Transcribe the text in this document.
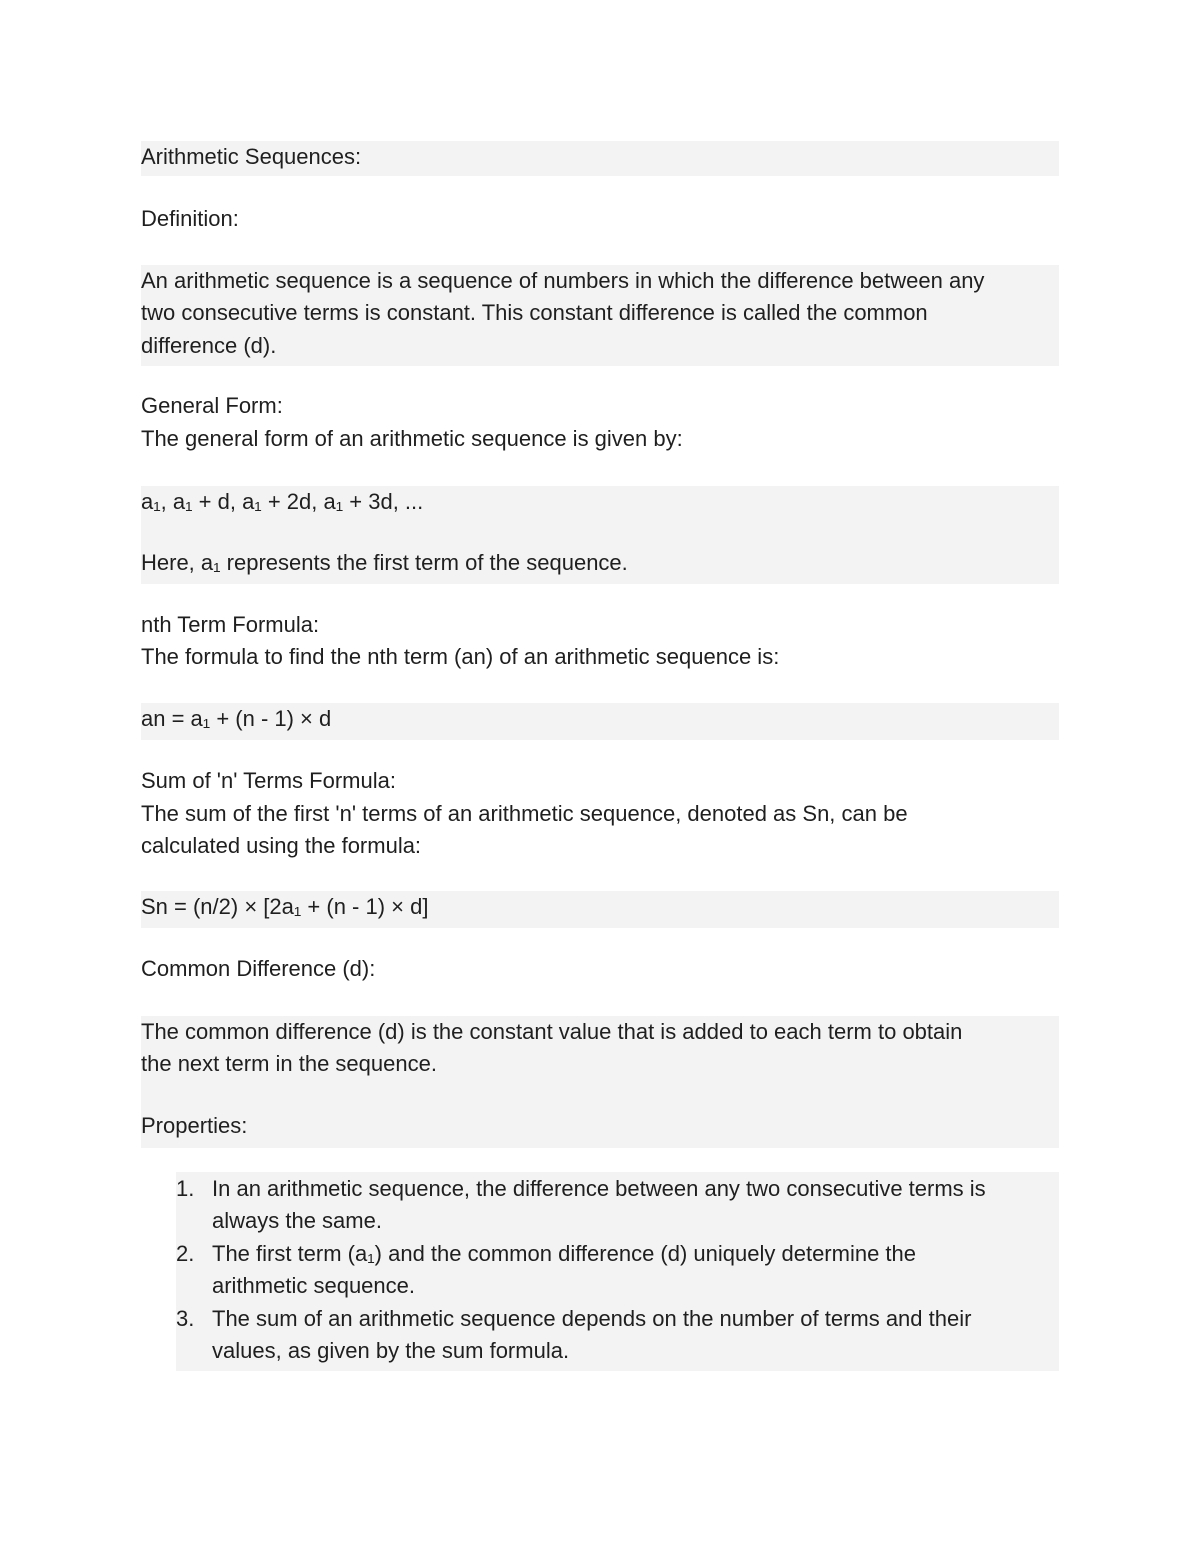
Arithmetic Sequences:
Definition:
An arithmetic sequence is a sequence of numbers in which the difference between any
two consecutive terms is constant. This constant difference is called the common
difference (d).
General Form:
The general form of an arithmetic sequence is given by:
a₁, a₁ + d, a₁ + 2d, a₁ + 3d, ...
Here, a₁ represents the first term of the sequence.
nth Term Formula:
The formula to find the nth term (an) of an arithmetic sequence is:
an = a₁ + (n - 1) × d
Sum of 'n' Terms Formula:
The sum of the first 'n' terms of an arithmetic sequence, denoted as Sn, can be
calculated using the formula:
Sn = (n/2) × [2a₁ + (n - 1) × d]
Common Difference (d):
The common difference (d) is the constant value that is added to each term to obtain
the next term in the sequence.
Properties:
1. In an arithmetic sequence, the difference between any two consecutive terms is
always the same.
2. The first term (a₁) and the common difference (d) uniquely determine the
arithmetic sequence.
3. The sum of an arithmetic sequence depends on the number of terms and their
values, as given by the sum formula.
